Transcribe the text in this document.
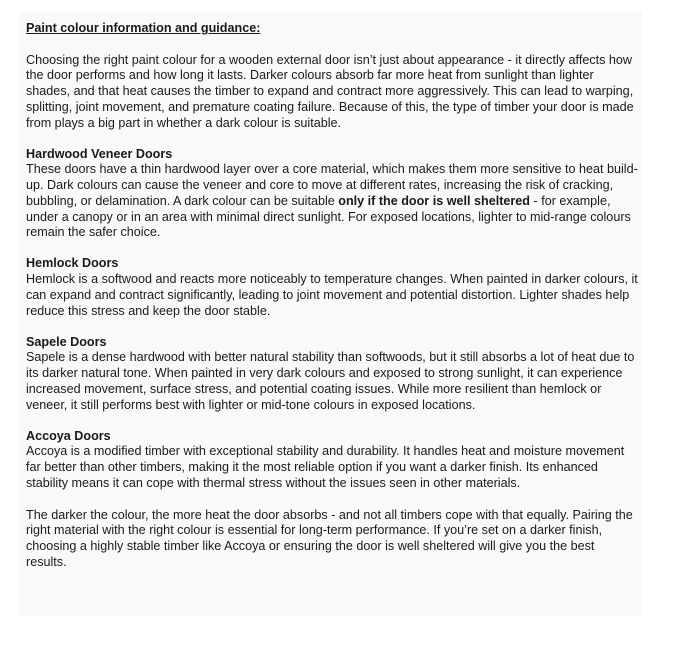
Paint colour information and guidance:

Choosing the right paint colour for a wooden external door isn’t just about appearance - it directly affects how the door performs and how long it lasts. Darker colours absorb far more heat from sunlight than lighter shades, and that heat causes the timber to expand and contract more aggressively. This can lead to warping, splitting, joint movement, and premature coating failure. Because of this, the type of timber your door is made from plays a big part in whether a dark colour is suitable.

Hardwood Veneer Doors

These doors have a thin hardwood layer over a core material, which makes them more sensitive to heat build-up. Dark colours can cause the veneer and core to move at different rates, increasing the risk of cracking, bubbling, or delamination. A dark colour can be suitable only if the door is well sheltered - for example, under a canopy or in an area with minimal direct sunlight. For exposed locations, lighter to mid-range colours remain the safer choice.

Hemlock Doors

Hemlock is a softwood and reacts more noticeably to temperature changes. When painted in darker colours, it can expand and contract significantly, leading to joint movement and potential distortion. Lighter shades help reduce this stress and keep the door stable.

Sapele Doors

Sapele is a dense hardwood with better natural stability than softwoods, but it still absorbs a lot of heat due to its darker natural tone. When painted in very dark colours and exposed to strong sunlight, it can experience increased movement, surface stress, and potential coating issues. While more resilient than hemlock or veneer, it still performs best with lighter or mid-tone colours in exposed locations.

Accoya Doors

Accoya is a modified timber with exceptional stability and durability. It handles heat and moisture movement far better than other timbers, making it the most reliable option if you want a darker finish. Its enhanced stability means it can cope with thermal stress without the issues seen in other materials.

The darker the colour, the more heat the door absorbs - and not all timbers cope with that equally. Pairing the right material with the right colour is essential for long-term performance. If you’re set on a darker finish, choosing a highly stable timber like Accoya or ensuring the door is well sheltered will give you the best results.
